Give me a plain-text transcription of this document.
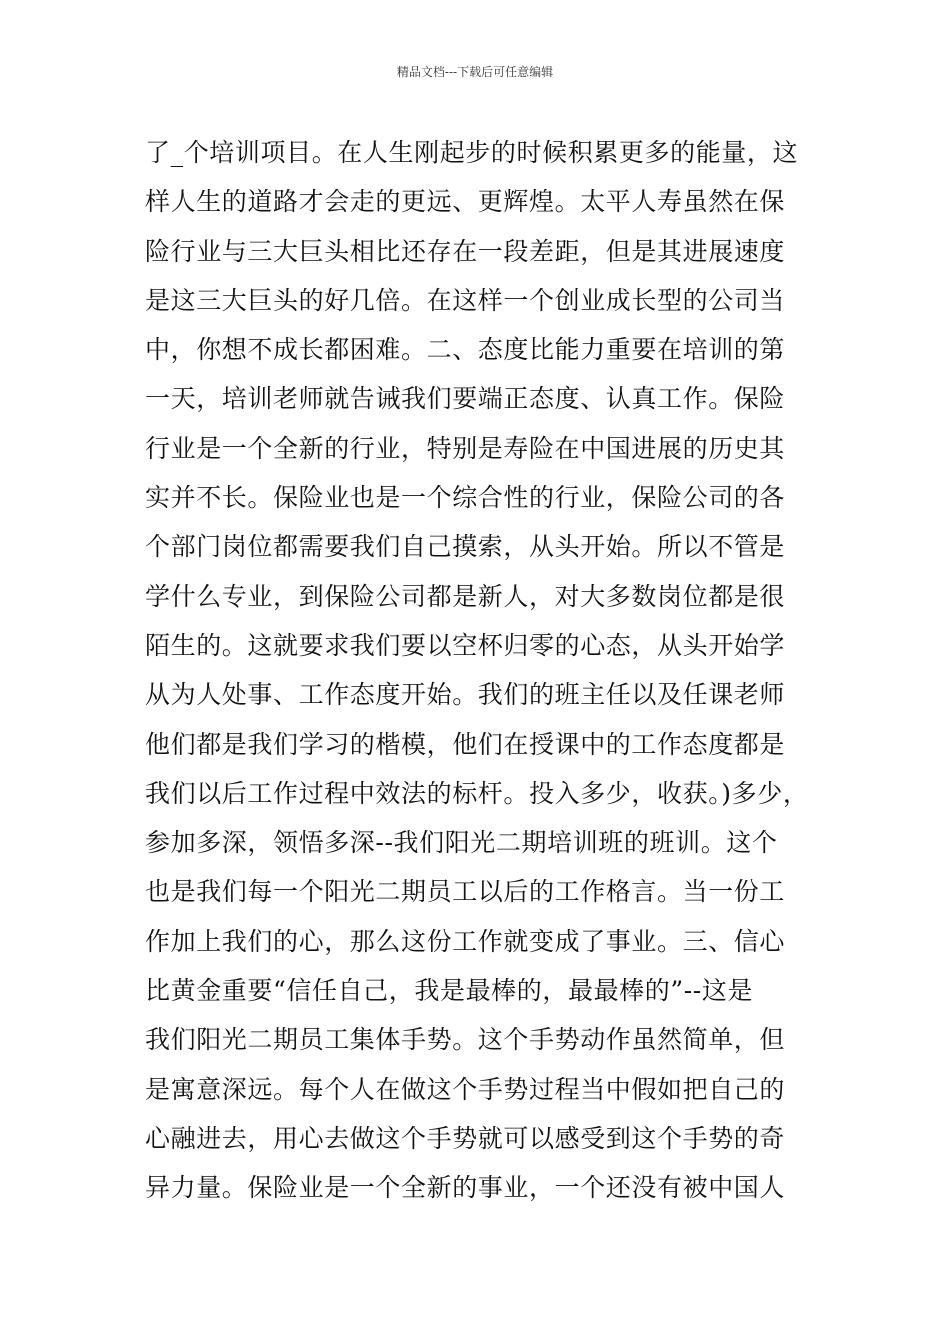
精品文档---下载后可任意编辑
了_个培训项目。在人生刚起步的时候积累更多的能量，这
样人生的道路才会走的更远、更辉煌。太平人寿虽然在保
险行业与三大巨头相比还存在一段差距，但是其进展速度
是这三大巨头的好几倍。在这样一个创业成长型的公司当
中，你想不成长都困难。二、态度比能力重要在培训的第
一天，培训老师就告诫我们要端正态度、认真工作。保险
行业是一个全新的行业，特别是寿险在中国进展的历史其
实并不长。保险业也是一个综合性的行业，保险公司的各
个部门岗位都需要我们自己摸索，从头开始。所以不管是
学什么专业，到保险公司都是新人，对大多数岗位都是很
陌生的。这就要求我们要以空杯归零的心态，从头开始学
从为人处事、工作态度开始。我们的班主任以及任课老师
他们都是我们学习的楷模，他们在授课中的工作态度都是
我们以后工作过程中效法的标杆。投入多少，收获。)多少，
参加多深，领悟多深--我们阳光二期培训班的班训。这个
也是我们每一个阳光二期员工以后的工作格言。当一份工
作加上我们的心，那么这份工作就变成了事业。三、信心
比黄金重要“信任自己，我是最棒的，最最棒的”--这是
我们阳光二期员工集体手势。这个手势动作虽然简单，但
是寓意深远。每个人在做这个手势过程当中假如把自己的
心融进去，用心去做这个手势就可以感受到这个手势的奇
异力量。保险业是一个全新的事业，一个还没有被中国人
